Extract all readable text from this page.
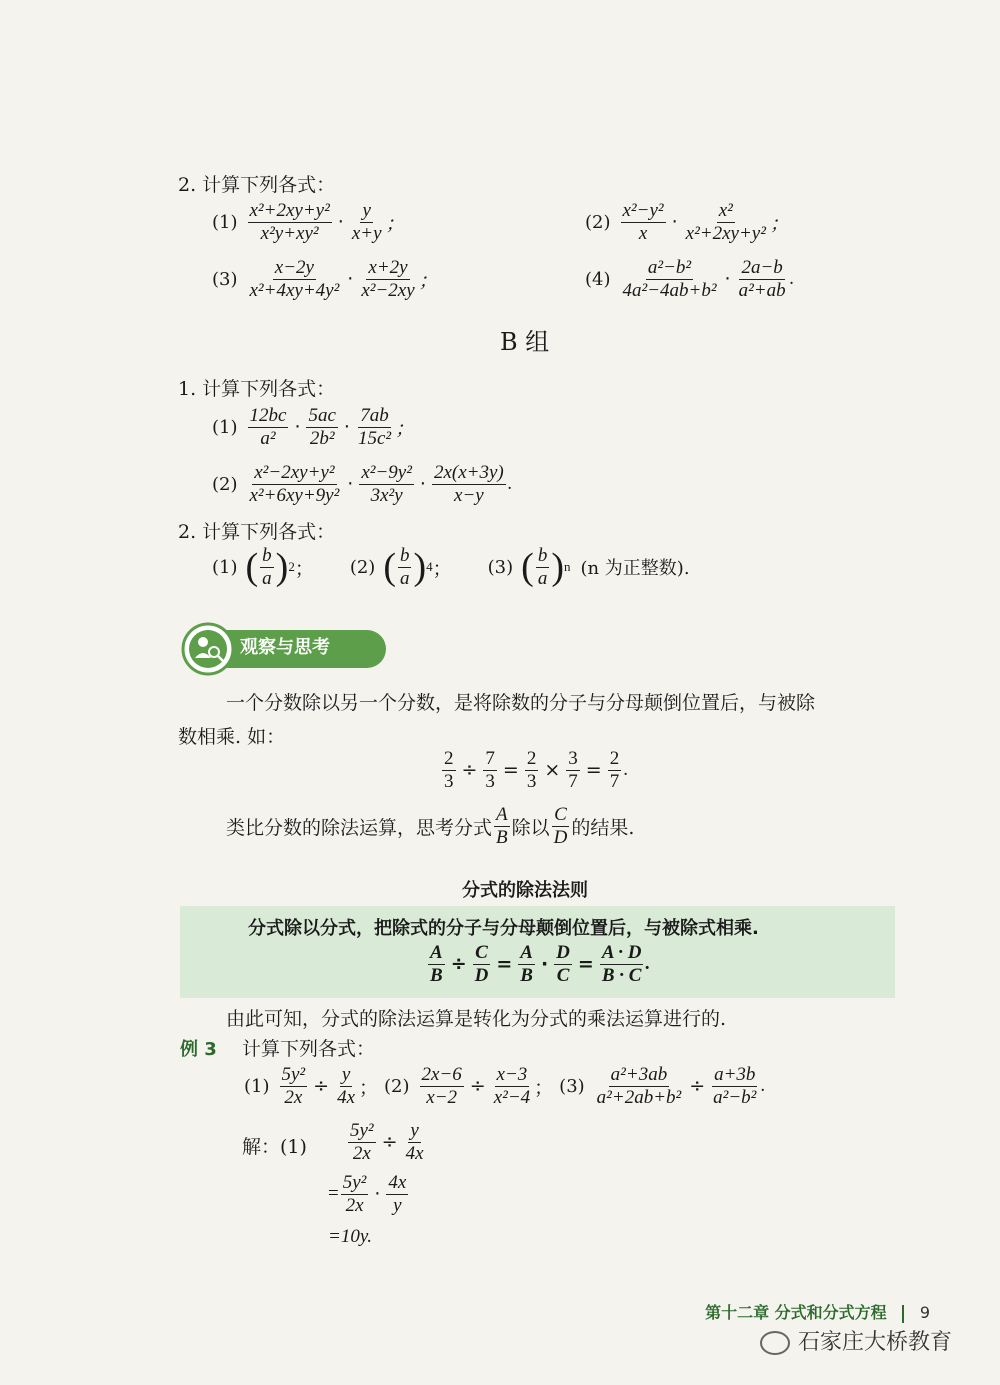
2. 计算下列各式：
$(1) \frac{\text{x²+2xy+y²}}{\text{x²y+xy²}} \cdot \frac{y}{x+y}$ ；	$(2) \frac{\text{x²−y²}}{x} \cdot \frac{\text{x²}}{\text{x²+2xy+y²}}$ ；
$(3) \frac{x-2y}{\text{x²+4xy+4y²}} \cdot \frac{x+2y}{\text{x²−2xy}}$ ；	$(4) \frac{\text{a²−b²}}{\text{4a²−4ab+b²}} \cdot \frac{2a-b}{\text{a²+ab}}$ .
B 组
1. 计算下列各式：
$(1) \frac{12bc}{\text{a²}} \cdot \frac{5ac}{\text{2b²}} \cdot \frac{7ab}{\text{15c²}}$ ；
$(2) \frac{\text{x²−2xy+y²}}{\text{x²+6xy+9y²}} \cdot \frac{\text{x²−9y²}}{\text{3x²y}} \cdot \frac{2x(x+3y)}{x-y}$ .
2. 计算下列各式：
(1) ( $\frac{b}{a}$ ) 2 ； (2) ( $\frac{b}{a}$ ) 4 ； (3) ( $\frac{b}{a}$ ) n (n 为正整数).
观察与思考
一个分数除以另一个分数，是将除数的分子与分母颠倒位置后，与被除
数相乘. 如：
$\frac{2}{3} \div \frac{7}{3} = \frac{2}{3} \times \frac{3}{7} = \frac{2}{7}$ .
类比分数的除法运算，思考分式 $\frac{A}{B}$ 除以 $\frac{C}{D}$ 的结果.
分式的除法法则
分式除以分式，把除式的分子与分母颠倒位置后，与被除式相乘.
$\frac{A}{B} \div \frac{C}{D} = \frac{A}{B} \cdot \frac{D}{C} = \frac{A \cdot D}{B \cdot C}$ .
由此可知，分式的除法运算是转化为分式的乘法运算进行的.
例 3 计算下列各式：
$(1) \frac{\text{5y²}}{2x} \div \frac{y}{4x}$ ； $(2) \frac{2x-6}{x-2} \div \frac{x-3}{\text{x²−4}}$ ； $(3) \frac{\text{a²+3ab}}{\text{a²+2ab+b²}} \div \frac{a+3b}{\text{a²−b²}}$ .
解：$(1) \frac{\text{5y²}}{2x} \div \frac{y}{4x}$
= $\frac{\text{5y²}}{2x} \cdot \frac{4x}{y}$
=10y.
第十二章 分式和分式方程 9
石家庄大桥教育
